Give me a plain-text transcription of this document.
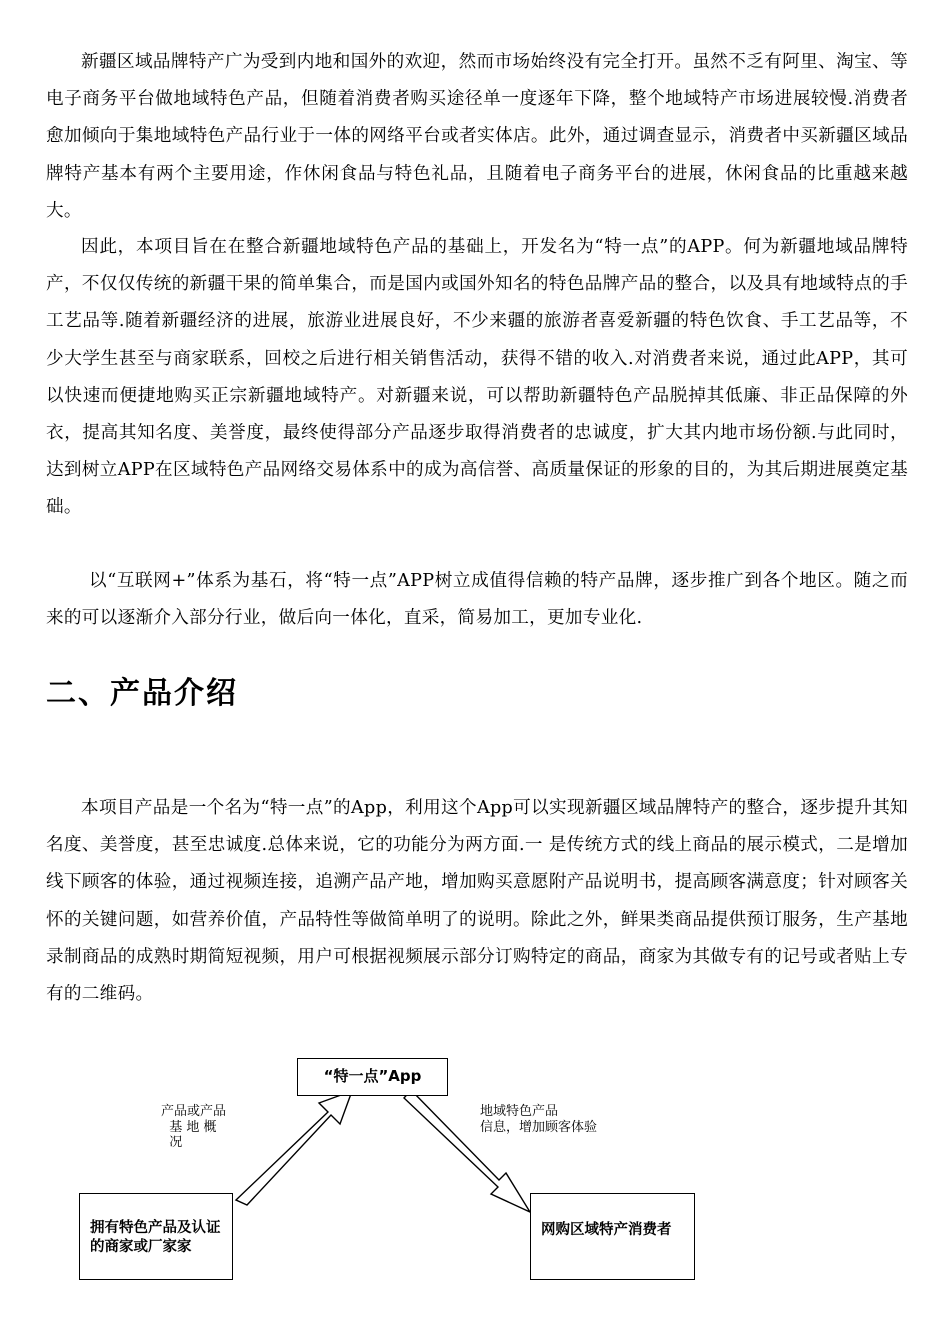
新疆区域品牌特产广为受到内地和国外的欢迎，然而市场始终没有完全打开。虽然不乏有阿里、淘宝、等电子商务平台做地域特色产品，但随着消费者购买途径单一度逐年下降，整个地域特产市场进展较慢.消费者愈加倾向于集地域特色产品行业于一体的网络平台或者实体店。此外，通过调查显示，消费者中买新疆区域品牌特产基本有两个主要用途，作休闲食品与特色礼品，且随着电子商务平台的进展，休闲食品的比重越来越大。

因此，本项目旨在在整合新疆地域特色产品的基础上，开发名为“特一点”的APP。何为新疆地域品牌特产，不仅仅传统的新疆干果的简单集合，而是国内或国外知名的特色品牌产品的整合，以及具有地域特点的手工艺品等.随着新疆经济的进展，旅游业进展良好，不少来疆的旅游者喜爱新疆的特色饮食、手工艺品等，不少大学生甚至与商家联系，回校之后进行相关销售活动，获得不错的收入.对消费者来说，通过此APP，其可以快速而便捷地购买正宗新疆地域特产。对新疆来说，可以帮助新疆特色产品脱掉其低廉、非正品保障的外衣，提高其知名度、美誉度，最终使得部分产品逐步取得消费者的忠诚度，扩大其内地市场份额.与此同时，达到树立APP在区域特色产品网络交易体系中的成为高信誉、高质量保证的形象的目的，为其后期进展奠定基础。

以“互联网+”体系为基石，将“特一点”APP树立成值得信赖的特产品牌，逐步推广到各个地区。随之而来的可以逐渐介入部分行业，做后向一体化，直采，简易加工，更加专业化.

二、产品介绍

本项目产品是一个名为“特一点”的App，利用这个App可以实现新疆区域品牌特产的整合，逐步提升其知名度、美誉度，甚至忠诚度.总体来说，它的功能分为两方面.一 是传统方式的线上商品的展示模式，二是增加线下顾客的体验，通过视频连接，追溯产品产地，增加购买意愿附产品说明书，提高顾客满意度；针对顾客关怀的关键问题，如营养价值，产品特性等做简单明了的说明。除此之外，鲜果类商品提供预订服务，生产基地录制商品的成熟时期简短视频，用户可根据视频展示部分订购特定的商品，商家为其做专有的记号或者贴上专有的二维码。

“特一点”App
拥有特色产品及认证的商家或厂家家
网购区域特产消费者
产品或产品
基 地 概
况
地域特色产品
信息，增加顾客体验
